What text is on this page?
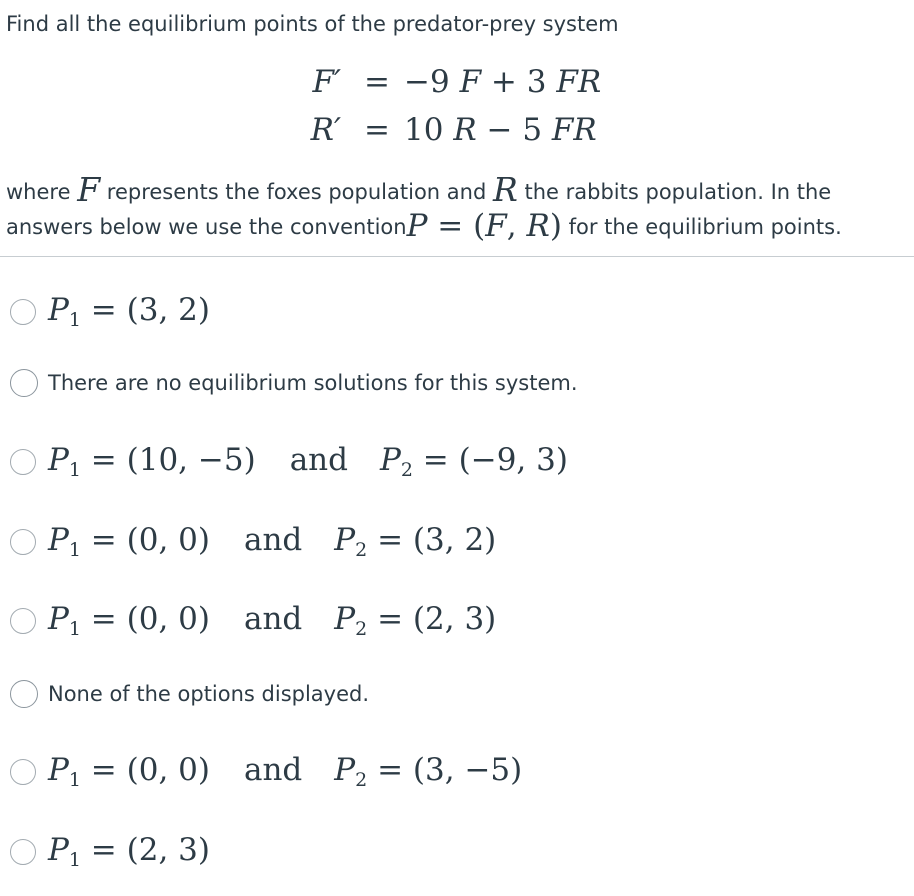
Find all the equilibrium points of the predator-prey system

F′ = −9 F + 3 FR
R′ = 10 R − 5 FR
where F represents the foxes population and R the rabbits population. In the
answers below we use the conventionP = (F, R) for the equilibrium points.
$P_1 = (3$, 2)
There are no equilibrium solutions for this system.
$P_1 = (10$, −5) and $P_2 = (-9$, 3)
$P_1 = (0$, 0) and $P_2 = (3$, 2)
$P_1 = (0$, 0) and $P_2 = (2$, 3)
None of the options displayed.
$P_1 = (0$, 0) and $P_2 = (3$, −5)
$P_1 = (2$, 3)
